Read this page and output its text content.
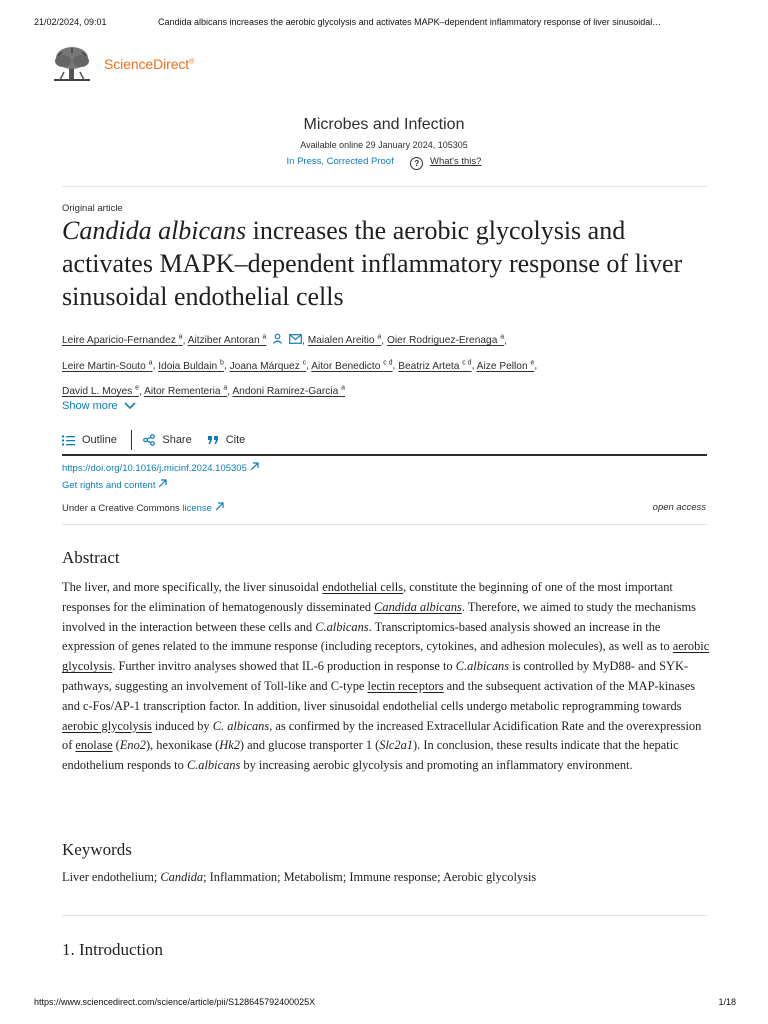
21/02/2024, 09:01	Candida albicans increases the aerobic glycolysis and activates MAPK–dependent inflammatory response of liver sinusoidal…
ScienceDirect®
Microbes and Infection
Available online 29 January 2024, 105305
In Press, Corrected Proof	? What's this?
Original article
Candida albicans increases the aerobic glycolysis and activates MAPK–dependent inflammatory response of liver sinusoidal endothelial cells
Leire Aparicio-Fernandez $^a$, Aitziber Antoran $^a$	, Maialen Areitio $^a$, Oier Rodriguez-Erenaga $^a$,
Leire Martin-Souto $^a$, Idoia Buldain $^b$, Joana Márquez $^c$, Aitor Benedicto $^{c d}$, Beatriz Arteta $^{c d}$, Aize Pellon $^e$,
David L. Moyes $^e$, Aitor Rementeria $^a$, Andoni Ramirez-Garcia $^a$
Show more
Outline	Share	Cite
https://doi.org/10.1016/j.micinf.2024.105305
Get rights and content
Under a Creative Commons license	open access
Abstract
The liver, and more specifically, the liver sinusoidal endothelial cells, constitute the beginning of one of the most important responses for the elimination of hematogenously disseminated Candida albicans. Therefore, we aimed to study the mechanisms involved in the interaction between these cells and C.albicans. Transcriptomics-based analysis showed an increase in the expression of genes related to the immune response (including receptors, cytokines, and adhesion molecules), as well as to aerobic glycolysis. Further invitro analyses showed that IL-6 production in response to C.albicans is controlled by MyD88- and SYK-pathways, suggesting an involvement of Toll-like and C-type lectin receptors and the subsequent activation of the MAP-kinases and c-Fos/AP-1 transcription factor. In addition, liver sinusoidal endothelial cells undergo metabolic reprogramming towards aerobic glycolysis induced by C. albicans, as confirmed by the increased Extracellular Acidification Rate and the overexpression of enolase (Eno2), hexonikase (Hk2) and glucose transporter 1 (Slc2a1). In conclusion, these results indicate that the hepatic endothelium responds to C.albicans by increasing aerobic glycolysis and promoting an inflammatory environment.
Keywords
Liver endothelium; Candida; Inflammation; Metabolism; Immune response; Aerobic glycolysis
1. Introduction
https://www.sciencedirect.com/science/article/pii/S128645792400025X	1/18
